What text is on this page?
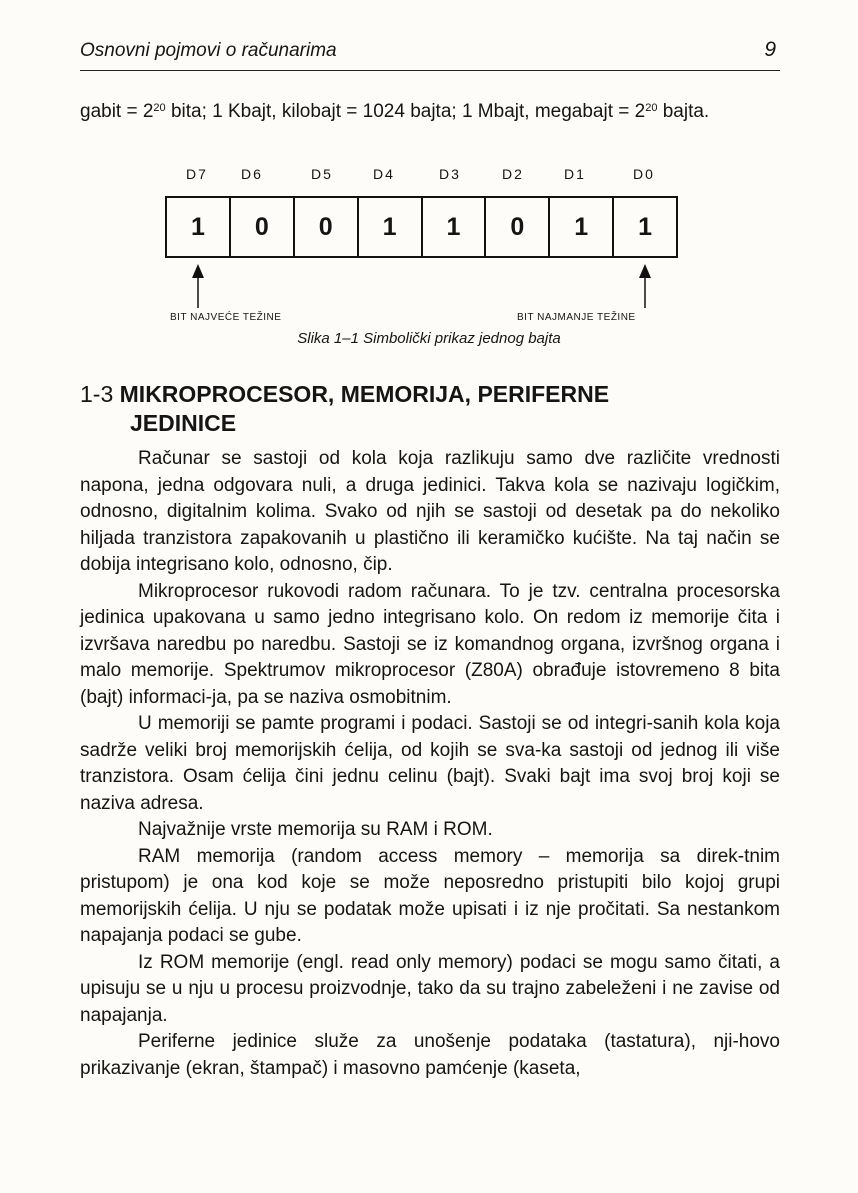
Osnovni pojmovi o računarima	9
gabit = $2^{20}$ bita; 1 Kbajt, kilobajt = 1024 bajta; 1 Mbajt, megabajt = $2^{20}$ bajta.
D7	D6	D5	D4	D3	D2	D1	D0
1	0	0	1	1	0	1	1
BIT NAJVEĆE TEŽINE	BIT NAJMANJE TEŽINE
Slika 1–1 Simbolički prikaz jednog bajta
1-3 MIKROPROCESOR, MEMORIJA, PERIFERNE
JEDINICE

Računar se sastoji od kola koja razlikuju samo dve različite vrednosti napona, jedna odgovara nuli, a druga jedinici. Takva kola se nazivaju logičkim, odnosno, digitalnim kolima. Svako od njih se sastoji od desetak pa do nekoliko hiljada tranzistora zapakovanih u plastično ili keramičko kućište. Na taj način se dobija integrisano kolo, odnosno, čip.

Mikroprocesor rukovodi radom računara. To je tzv. centralna procesorska jedinica upakovana u samo jedno integrisano kolo. On redom iz memorije čita i izvršava naredbu po naredbu. Sastoji se iz komandnog organa, izvršnog organa i malo memorije. Spektrumov mikroprocesor (Z80A) obrađuje istovremeno 8 bita (bajt) informaci-ja, pa se naziva osmobitnim.

U memoriji se pamte programi i podaci. Sastoji se od integri-sanih kola koja sadrže veliki broj memorijskih ćelija, od kojih se sva-ka sastoji od jednog ili više tranzistora. Osam ćelija čini jednu celinu (bajt). Svaki bajt ima svoj broj koji se naziva adresa.

Najvažnije vrste memorija su RAM i ROM.

RAM memorija (random access memory – memorija sa direk-tnim pristupom) je ona kod koje se može neposredno pristupiti bilo kojoj grupi memorijskih ćelija. U nju se podatak može upisati i iz nje pročitati. Sa nestankom napajanja podaci se gube.

Iz ROM memorije (engl. read only memory) podaci se mogu samo čitati, a upisuju se u nju u procesu proizvodnje, tako da su trajno zabeleženi i ne zavise od napajanja.

Periferne jedinice služe za unošenje podataka (tastatura), nji-hovo prikazivanje (ekran, štampač) i masovno pamćenje (kaseta,
